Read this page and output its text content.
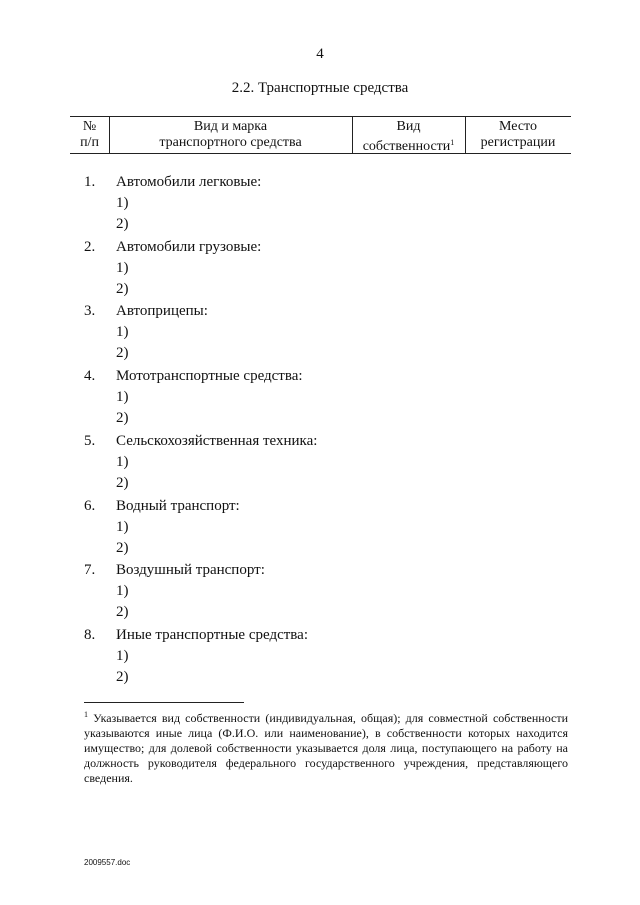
4
2.2. Транспортные средства
№
п/п
Вид и марка
транспортного средства
Вид
собственности$^1$
Место
регистрации
1. Автомобили легковые:
1)
2)
2. Автомобили грузовые:
1)
2)
3. Автоприцепы:
1)
2)
4. Мототранспортные средства:
1)
2)
5. Сельскохозяйственная техника:
1)
2)
6. Водный транспорт:
1)
2)
7. Воздушный транспорт:
1)
2)
8. Иные транспортные средства:
1)
2)
$^1$ Указывается вид собственности (индивидуальная, общая); для совместной собственности указываются иные лица (Ф.И.О. или наименование), в собственности которых находится имущество; для долевой собственности указывается доля лица, поступающего на работу на должность руководителя федерального государственного учреждения, представляющего сведения.
2009557.doc
